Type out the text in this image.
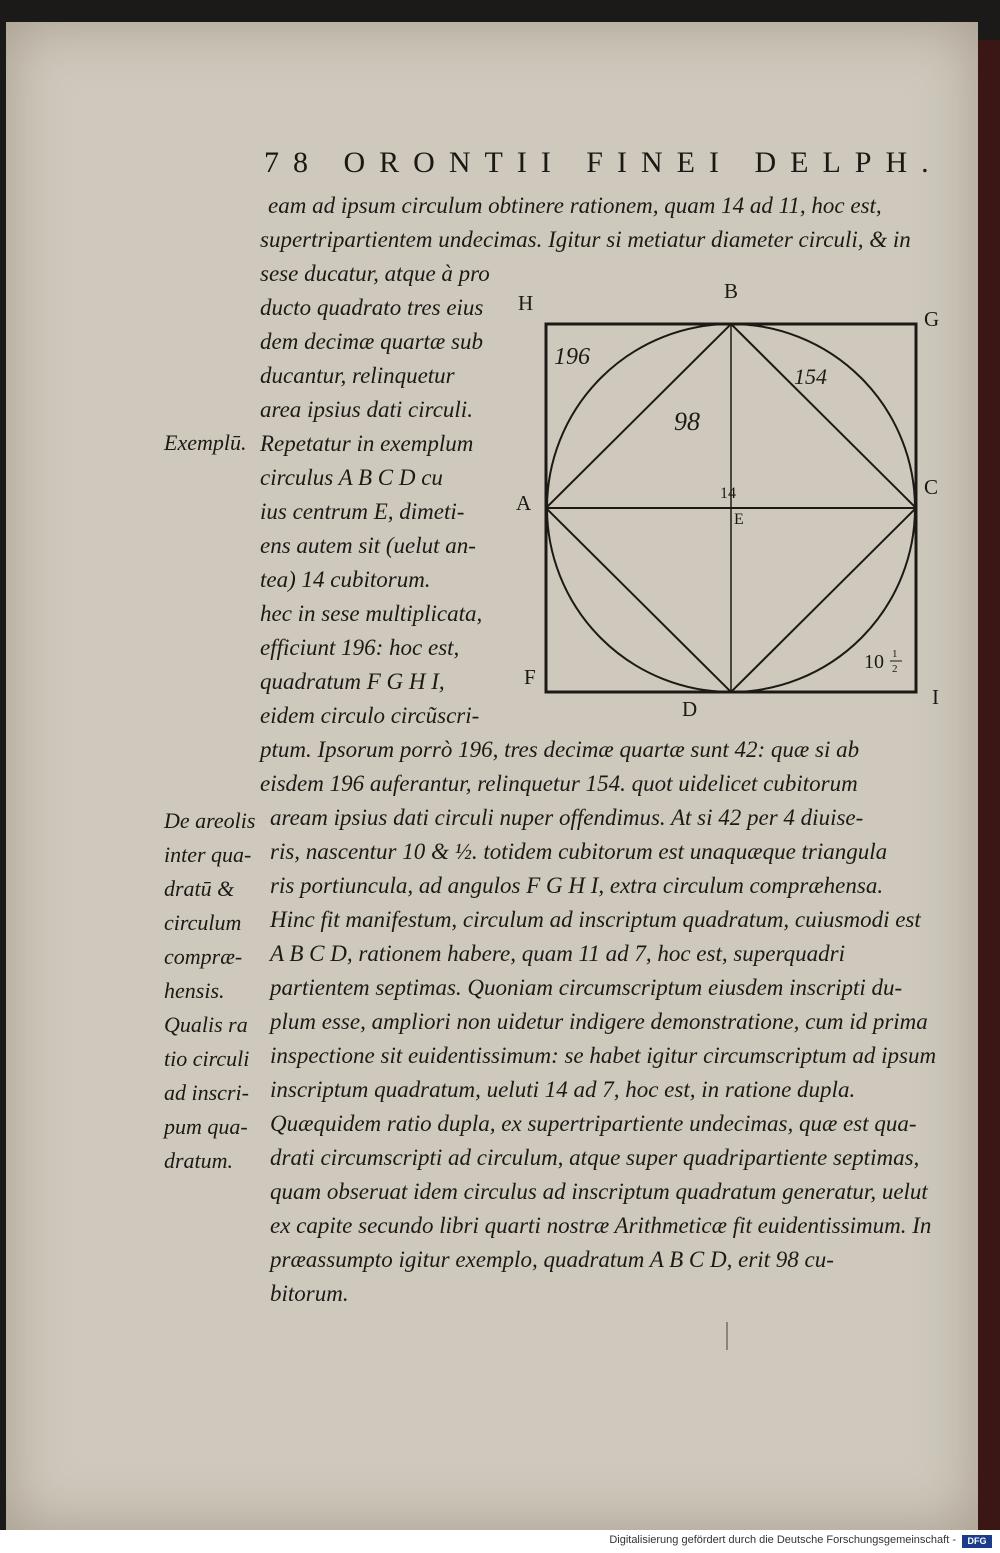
78 ORONTII FINEI DELPH.
eam ad ipsum circulum obtinere rationem, quam 14 ad 11, hoc est,
supertripartientem undecimas. Igitur si metiatur diameter circuli, & in
sese ducatur, atque à pro
ducto quadrato tres eius
dem decimæ quartæ sub
ducantur, relinquetur
area ipsius dati circuli.
Repetatur in exemplum
circulus A B C D cu
ius centrum E, dimeti-
ens autem sit (uelut an-
tea) 14 cubitorum.
hec in sese multiplicata,
efficiunt 196: hoc est,
quadratum F G H I,
eidem circulo circũscri-
ptum. Ipsorum porrò 196, tres decimæ quartæ sunt 42: quæ si ab
eisdem 196 auferantur, relinquetur 154. quot uidelicet cubitorum
aream ipsius dati circuli nuper offendimus. At si 42 per 4 diuise-
ris, nascentur 10 & ½. totidem cubitorum est unaquæque triangula
ris portiuncula, ad angulos F G H I, extra circulum compræhensa.
Hinc fit manifestum, circulum ad inscriptum quadratum, cuiusmodi est
A B C D, rationem habere, quam 11 ad 7, hoc est, superquadri
partientem septimas. Quoniam circumscriptum eiusdem inscripti du-
plum esse, ampliori non uidetur indigere demonstratione, cum id prima
inspectione sit euidentissimum: se habet igitur circumscriptum ad ipsum
inscriptum quadratum, ueluti 14 ad 7, hoc est, in ratione dupla.
Quæquidem ratio dupla, ex supertripartiente undecimas, quæ est qua-
drati circumscripti ad circulum, atque super quadripartiente septimas,
quam obseruat idem circulus ad inscriptum quadratum generatur, uelut
ex capite secundo libri quarti nostræ Arithmeticæ fit euidentissimum. In
præassumpto igitur exemplo, quadratum A B C D, erit 98 cu-
bitorum.
Exemplū.
De areolis
inter qua-
dratū &
circulum
compræ-
hensis.
Qualis ra
tio circuli
ad inscri-
pum qua-
dratum.
H	B
G
C
A
F
D	I
E
196
154
98
14
10 1
2
Digitalisierung gefördert durch die Deutsche Forschungsgemeinschaft -	DFG
